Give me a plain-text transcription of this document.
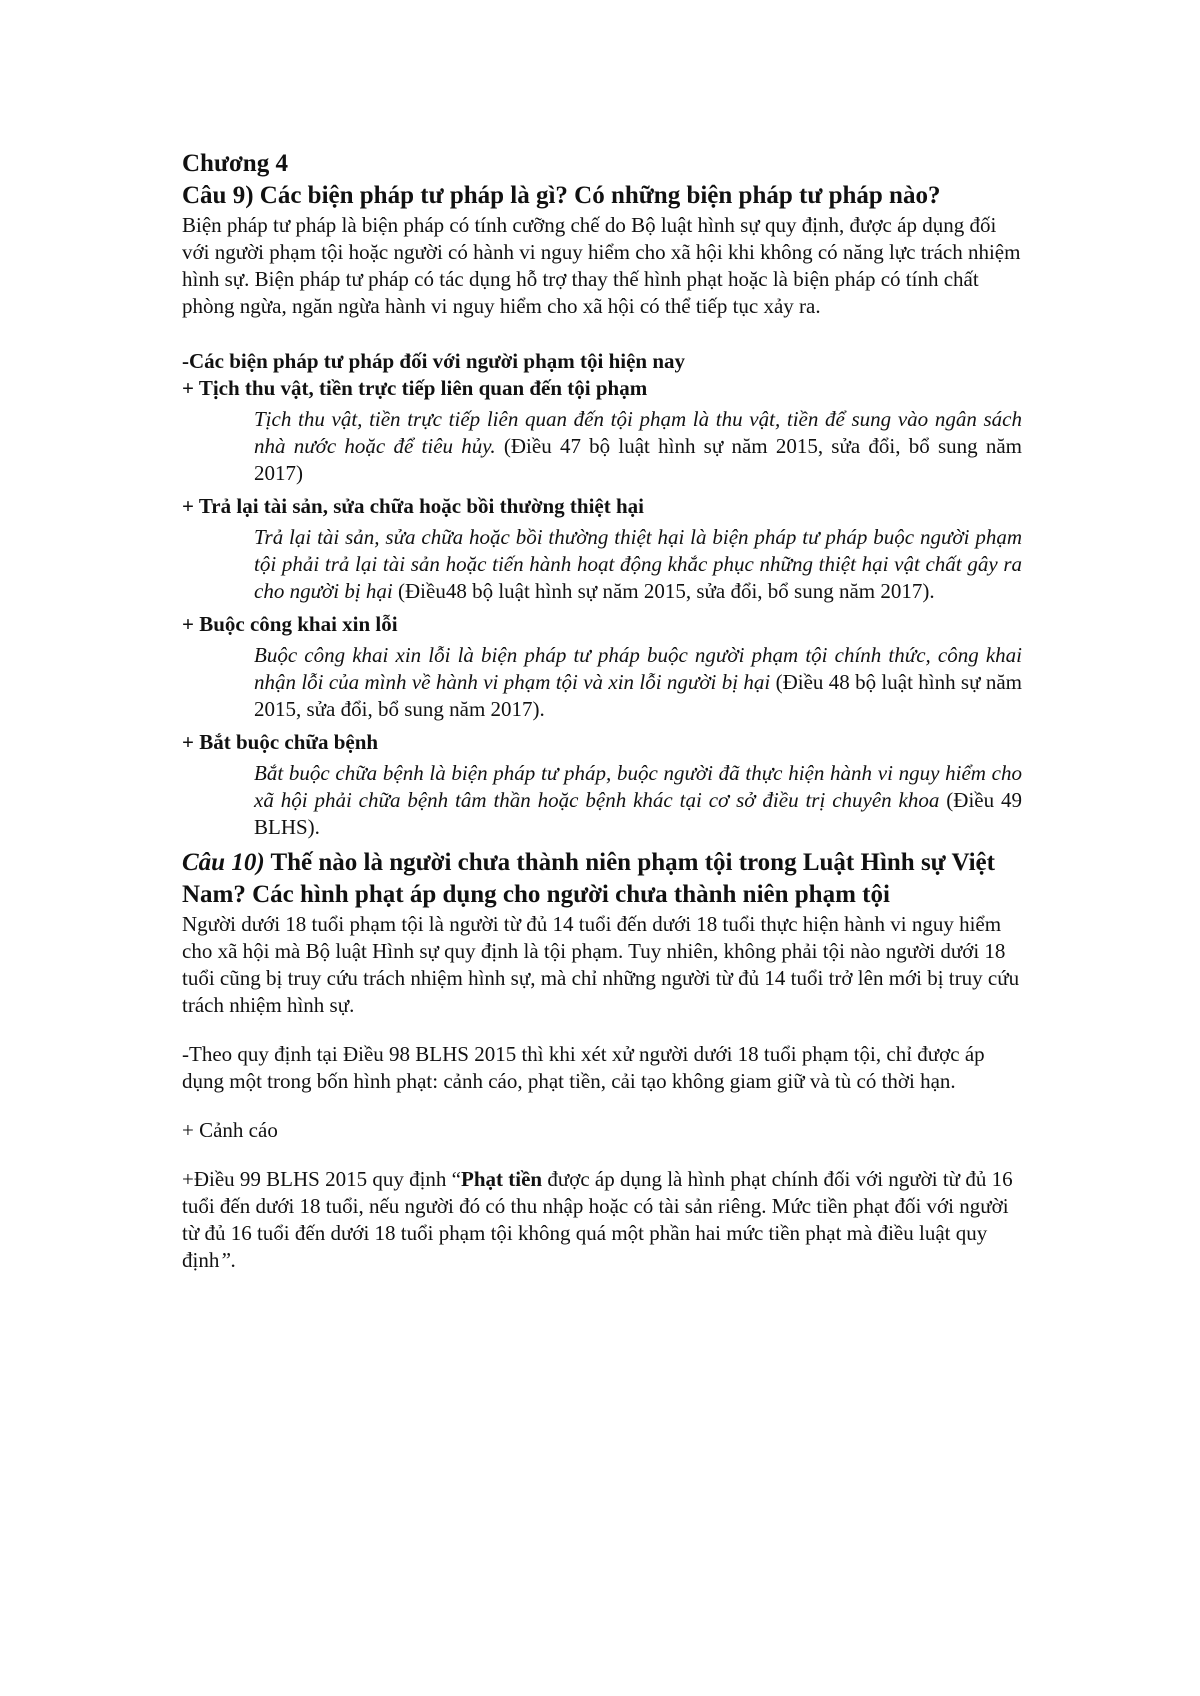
Chương 4

Câu 9) Các biện pháp tư pháp là gì? Có những biện pháp tư pháp nào?

Biện pháp tư pháp là biện pháp có tính cưỡng chế do Bộ luật hình sự quy định, được áp dụng đối với người phạm tội hoặc người có hành vi nguy hiểm cho xã hội khi không có năng lực trách nhiệm hình sự. Biện pháp tư pháp có tác dụng hỗ trợ thay thế hình phạt hoặc là biện pháp có tính chất phòng ngừa, ngăn ngừa hành vi nguy hiểm cho xã hội có thể tiếp tục xảy ra.

-Các biện pháp tư pháp đối với người phạm tội hiện nay

+ Tịch thu vật, tiền trực tiếp liên quan đến tội phạm

Tịch thu vật, tiền trực tiếp liên quan đến tội phạm là thu vật, tiền để sung vào ngân sách nhà nước hoặc để tiêu hủy. (Điều 47 bộ luật hình sự năm 2015, sửa đổi, bổ sung năm 2017)

+ Trả lại tài sản, sửa chữa hoặc bồi thường thiệt hại

Trả lại tài sản, sửa chữa hoặc bồi thường thiệt hại là biện pháp tư pháp buộc người phạm tội phải trả lại tài sản hoặc tiến hành hoạt động khắc phục những thiệt hại vật chất gây ra cho người bị hại (Điều48 bộ luật hình sự năm 2015, sửa đổi, bổ sung năm 2017).

+ Buộc công khai xin lỗi

Buộc công khai xin lỗi là biện pháp tư pháp buộc người phạm tội chính thức, công khai nhận lỗi của mình về hành vi phạm tội và xin lỗi người bị hại (Điều 48 bộ luật hình sự năm 2015, sửa đổi, bổ sung năm 2017).

+ Bắt buộc chữa bệnh

Bắt buộc chữa bệnh là biện pháp tư pháp, buộc người đã thực hiện hành vi nguy hiểm cho xã hội phải chữa bệnh tâm thần hoặc bệnh khác tại cơ sở điều trị chuyên khoa (Điều 49 BLHS).

Câu 10) Thế nào là người chưa thành niên phạm tội trong Luật Hình sự Việt Nam? Các hình phạt áp dụng cho người chưa thành niên phạm tội

Người dưới 18 tuổi phạm tội là người từ đủ 14 tuổi đến dưới 18 tuổi thực hiện hành vi nguy hiểm cho xã hội mà Bộ luật Hình sự quy định là tội phạm. Tuy nhiên, không phải tội nào người dưới 18 tuổi cũng bị truy cứu trách nhiệm hình sự, mà chỉ những người từ đủ 14 tuổi trở lên mới bị truy cứu trách nhiệm hình sự.

-Theo quy định tại Điều 98 BLHS 2015 thì khi xét xử người dưới 18 tuổi phạm tội, chỉ được áp dụng một trong bốn hình phạt: cảnh cáo, phạt tiền, cải tạo không giam giữ và tù có thời hạn.

+ Cảnh cáo

+Điều 99 BLHS 2015 quy định “Phạt tiền được áp dụng là hình phạt chính đối với người từ đủ 16 tuổi đến dưới 18 tuổi, nếu người đó có thu nhập hoặc có tài sản riêng. Mức tiền phạt đối với người từ đủ 16 tuổi đến dưới 18 tuổi phạm tội không quá một phần hai mức tiền phạt mà điều luật quy định”.
